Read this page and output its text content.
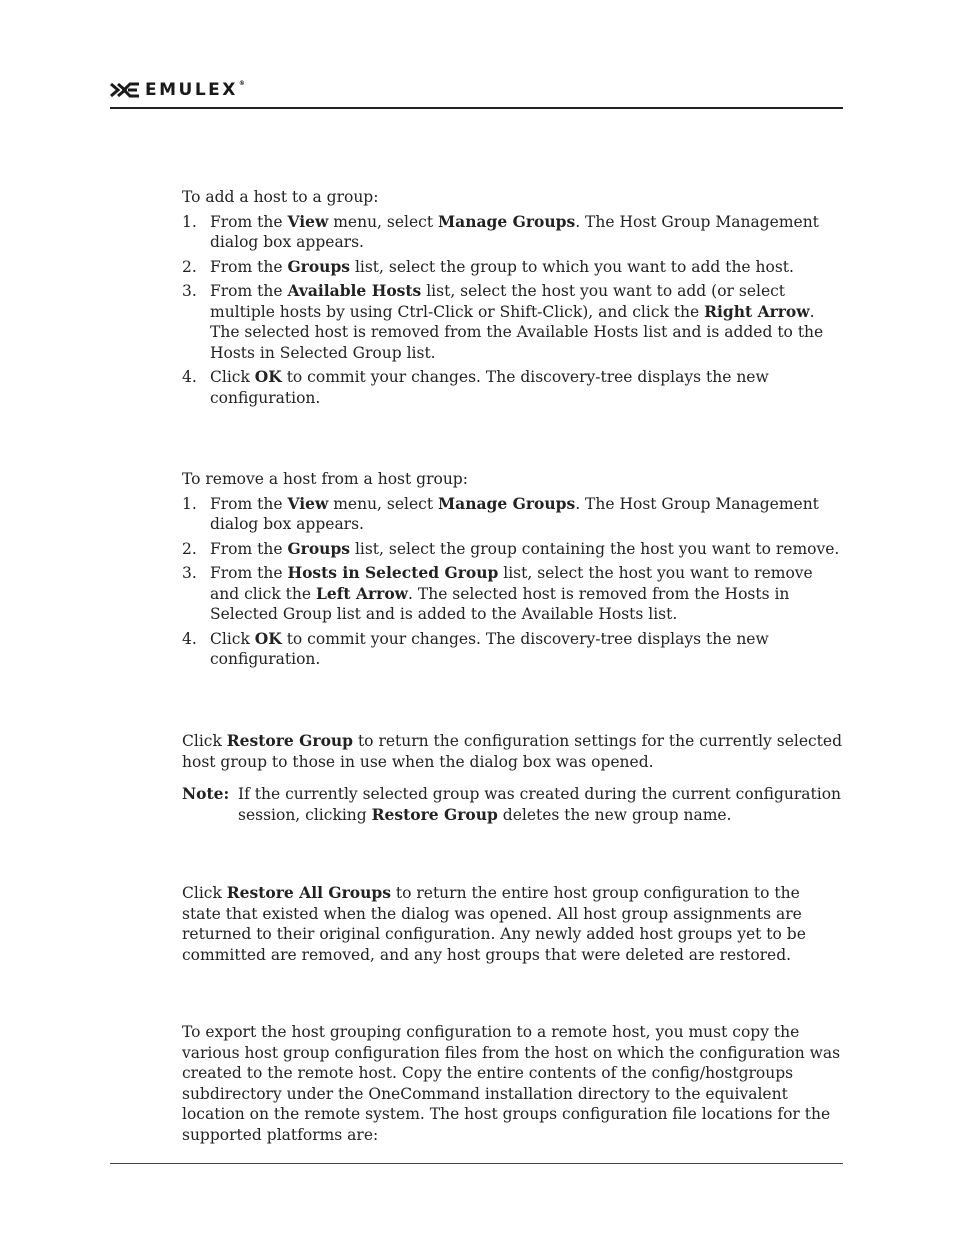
EMULEX®

To add a host to a group:

1. From the View menu, select Manage Groups. The Host Group Management dialog box appears.
2. From the Groups list, select the group to which you want to add the host.
3. From the Available Hosts list, select the host you want to add (or select multiple hosts by using Ctrl-Click or Shift-Click), and click the Right Arrow. The selected host is removed from the Available Hosts list and is added to the Hosts in Selected Group list.
4. Click OK to commit your changes. The discovery-tree displays the new configuration.

To remove a host from a host group:

1. From the View menu, select Manage Groups. The Host Group Management dialog box appears.
2. From the Groups list, select the group containing the host you want to remove.
3. From the Hosts in Selected Group list, select the host you want to remove and click the Left Arrow. The selected host is removed from the Hosts in Selected Group list and is added to the Available Hosts list.
4. Click OK to commit your changes. The discovery-tree displays the new configuration.

Click Restore Group to return the configuration settings for the currently selected host group to those in use when the dialog box was opened.

Note: If the currently selected group was created during the current configuration session, clicking Restore Group deletes the new group name.

Click Restore All Groups to return the entire host group configuration to the state that existed when the dialog was opened. All host group assignments are returned to their original configuration. Any newly added host groups yet to be committed are removed, and any host groups that were deleted are restored.

To export the host grouping configuration to a remote host, you must copy the various host group configuration files from the host on which the configuration was created to the remote host. Copy the entire contents of the config/hostgroups subdirectory under the OneCommand installation directory to the equivalent location on the remote system. The host groups configuration file locations for the supported platforms are:
